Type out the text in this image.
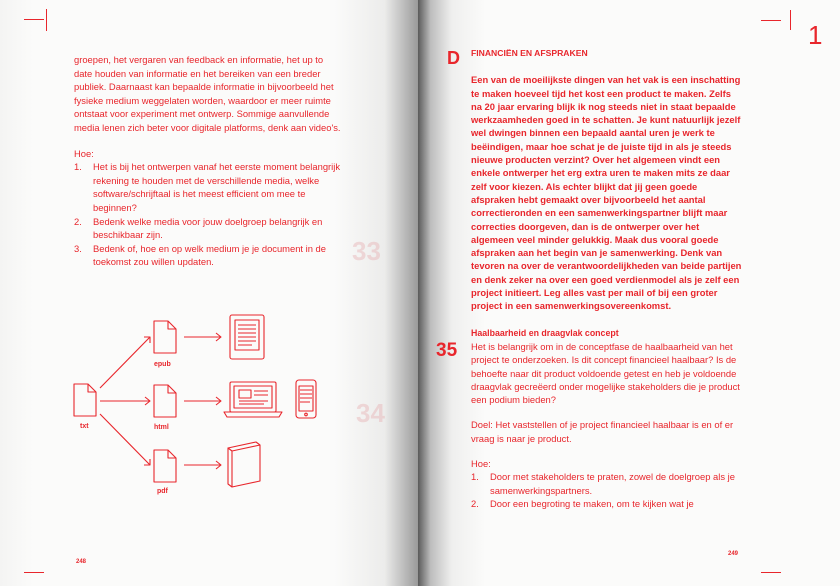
33
34

groepen, het vergaren van feedback en informatie, het up to date houden van informatie en het bereiken van een breder publiek. Daarnaast kan bepaalde informatie in bijvoorbeeld het fysieke medium weggelaten worden, waardoor er meer ruimte ontstaat voor experiment met ontwerp. Sommige aanvullende media lenen zich beter voor digitale platforms, denk aan video's.

Hoe:

1. Het is bij het ontwerpen vanaf het eerste moment belangrijk rekening te houden met de verschillende media, welke software/schrijftaal is het meest efficient om mee te beginnen?
2. Bedenk welke media voor jouw doelgroep belangrijk en beschikbaar zijn.
3. Bedenk of, hoe en op welk medium je je document in de toekomst zou willen updaten.
txt
epub
html
pdf
248
1
D
35

FINANCIËN EN AFSPRAKEN

Een van de moeilijkste dingen van het vak is een inschatting te maken hoeveel tijd het kost een product te maken. Zelfs na 20 jaar ervaring blijk ik nog steeds niet in staat bepaalde werkzaamheden goed in te schatten. Je kunt natuurlijk jezelf wel dwingen binnen een bepaald aantal uren je werk te beëindigen, maar hoe schat je de juiste tijd in als je steeds nieuwe producten verzint? Over het algemeen vindt een enkele ontwerper het erg extra uren te maken mits ze daar zelf voor kiezen. Als echter blijkt dat jij geen goede afspraken hebt gemaakt over bijvoorbeeld het aantal correctieronden en een samenwerkingspartner blijft maar correcties doorgeven, dan is de ontwerper over het algemeen veel minder gelukkig. Maak dus vooral goede afspraken aan het begin van je samenwerking. Denk van tevoren na over de verantwoordelijkheden van beide partijen en denk zeker na over een goed verdienmodel als je zelf een project initieert. Leg alles vast per mail of bij een groter project in een samenwerkingsovereenkomst.

Haalbaarheid en draagvlak concept

Het is belangrijk om in de conceptfase de haalbaarheid van het project te onderzoeken. Is dit concept financieel haalbaar? Is de behoefte naar dit product voldoende getest en heb je voldoende draagvlak gecreëerd onder mogelijke stakeholders die je product een podium bieden?

Doel: Het vaststellen of je project financieel haalbaar is en of er vraag is naar je product.

Hoe:

1. Door met stakeholders te praten, zowel de doelgroep als je samenwerkingspartners.
2. Door een begroting te maken, om te kijken wat je
249
